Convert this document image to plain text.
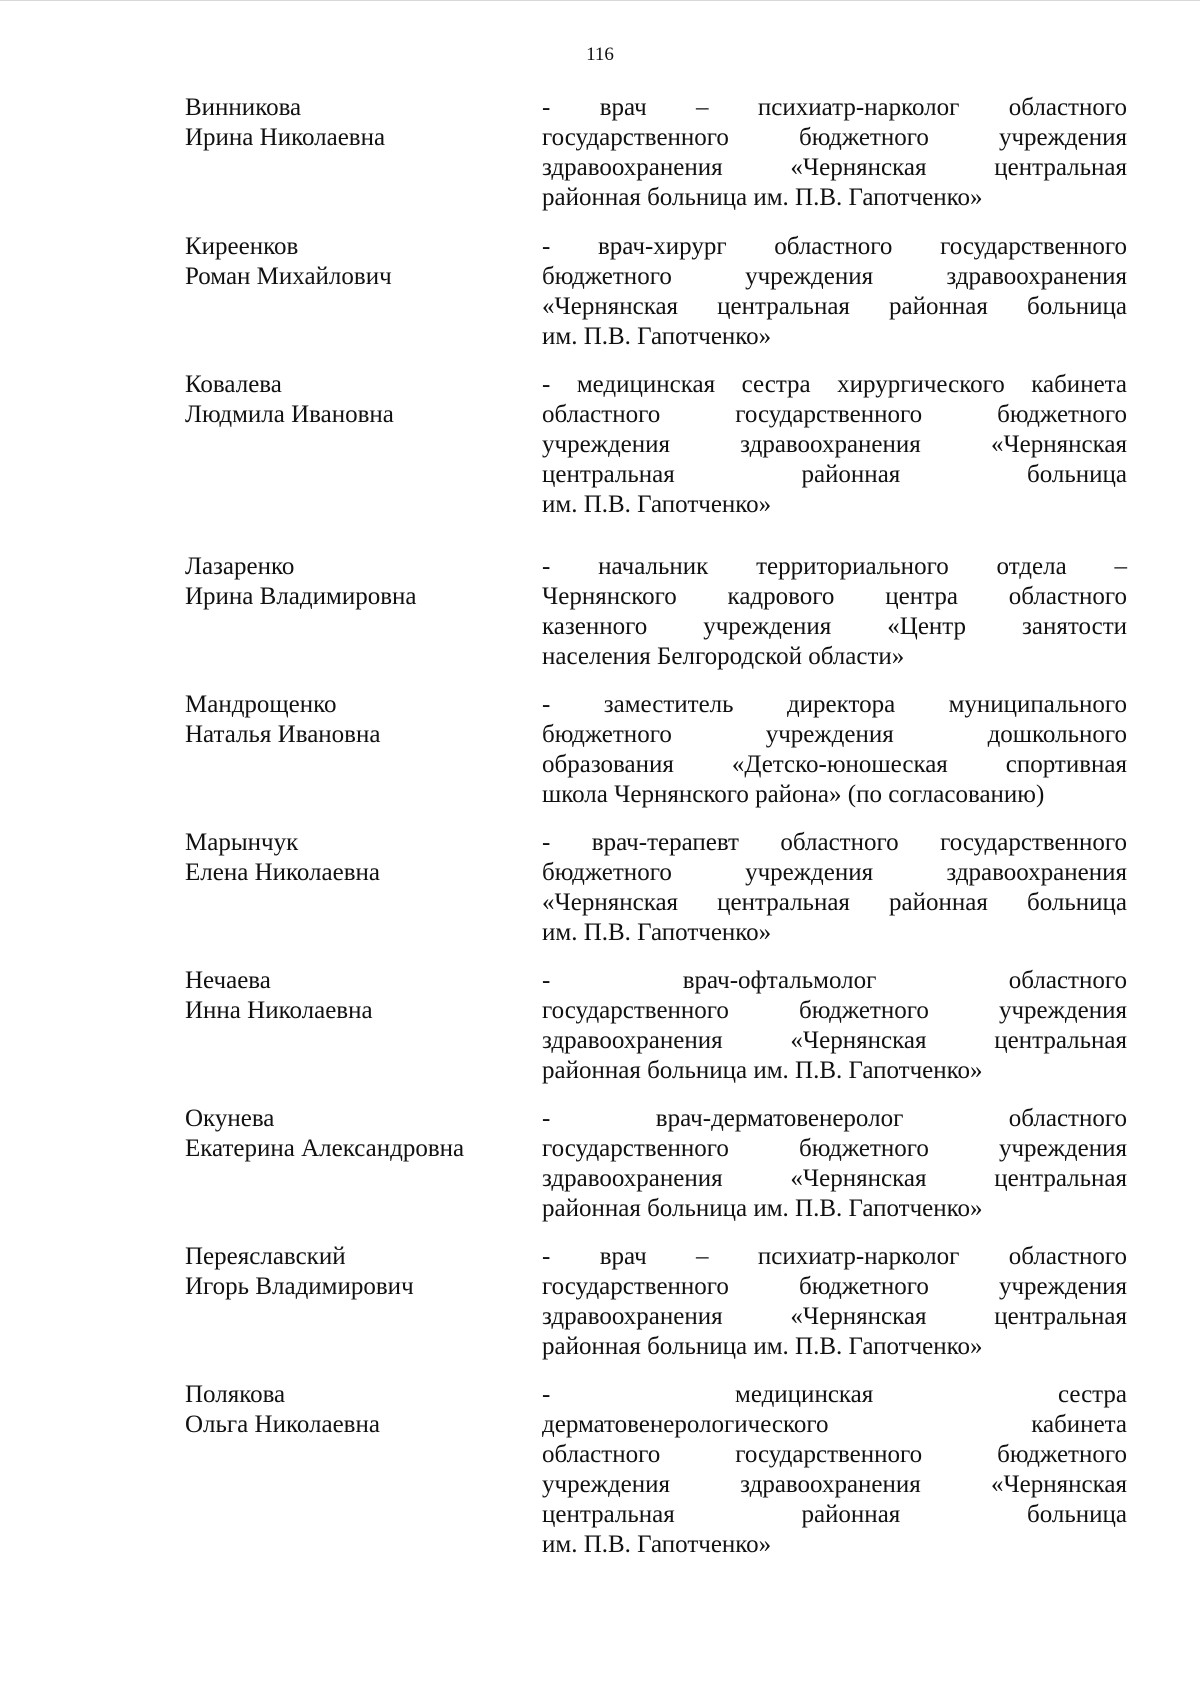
116
Винникова
Ирина Николаевна
- врач – психиатр-нарколог областного
государственного бюджетного учреждения
здравоохранения «Чернянская центральная
районная больница им. П.В. Гапотченко»
Киреенков
Роман Михайлович
- врач-хирург областного государственного
бюджетного учреждения здравоохранения
«Чернянская центральная районная больница
им. П.В. Гапотченко»
Ковалева
Людмила Ивановна
- медицинская сестра хирургического кабинета
областного государственного бюджетного
учреждения здравоохранения «Чернянская
центральная районная больница
им. П.В. Гапотченко»
Лазаренко
Ирина Владимировна
- начальник территориального отдела –
Чернянского кадрового центра областного
казенного учреждения «Центр занятости
населения Белгородской области»
Мандрощенко
Наталья Ивановна
- заместитель директора муниципального
бюджетного учреждения дошкольного
образования «Детско-юношеская спортивная
школа Чернянского района» (по согласованию)
Марынчук
Елена Николаевна
- врач-терапевт областного государственного
бюджетного учреждения здравоохранения
«Чернянская центральная районная больница
им. П.В. Гапотченко»
Нечаева
Инна Николаевна
- врач-офтальмолог областного
государственного бюджетного учреждения
здравоохранения «Чернянская центральная
районная больница им. П.В. Гапотченко»
Окунева
Екатерина Александровна
- врач-дерматовенеролог областного
государственного бюджетного учреждения
здравоохранения «Чернянская центральная
районная больница им. П.В. Гапотченко»
Переяславский
Игорь Владимирович
- врач – психиатр-нарколог областного
государственного бюджетного учреждения
здравоохранения «Чернянская центральная
районная больница им. П.В. Гапотченко»
Полякова
Ольга Николаевна
- медицинская сестра
дерматовенерологического кабинета
областного государственного бюджетного
учреждения здравоохранения «Чернянская
центральная районная больница
им. П.В. Гапотченко»
